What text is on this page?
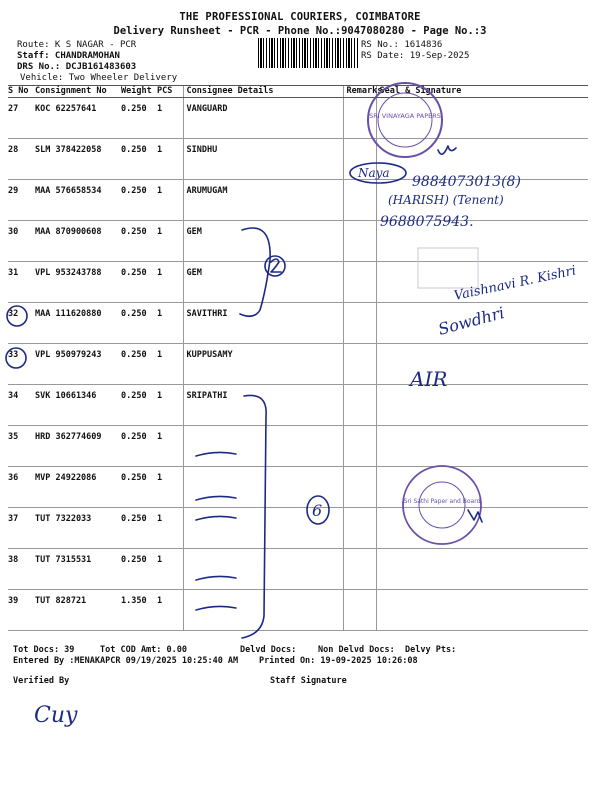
THE PROFESSIONAL COURIERS, COIMBATORE
Delivery Runsheet - PCR - Phone No.:9047080280 - Page No.:3
Route: K S NAGAR - PCR
Staff: CHANDRAMOHAN
DRS No.: DCJB161483603
Vehicle: Two Wheeler Delivery
RS No.: 1614836
RS Date: 19-Sep-2025
S No	Consignment No	Weight	PCS	Consignee Details	Remarks	Seal & Signature
27	KOC 62257641	0.250	1	VANGUARD		
28	SLM 378422058	0.250	1	SINDHU		
29	MAA 576658534	0.250	1	ARUMUGAM		
30	MAA 870900608	0.250	1	GEM		
31	VPL 953243788	0.250	1	GEM		
32	MAA 111620880	0.250	1	SAVITHRI		
33	VPL 950979243	0.250	1	KUPPUSAMY		
34	SVK 10661346	0.250	1	SRIPATHI		
35	HRD 362774609	0.250	1			
36	MVP 24922086	0.250	1			
37	TUT 7322033	0.250	1			
38	TUT 7315531	0.250	1			
39	TUT 828721	1.350	1			
Tot Docs: 39	Tot COD Amt: 0.00	Delvd Docs:	Non Delvd Docs: Delvy Pts:
Entered By :MENAKAPCR 09/19/2025 10:25:40 AM Printed On: 19-09-2025 10:26:08
Verified By	Staff Signature
SRI VINAYAGA PAPERS
Sri Sathi Paper and Board
Naya
9884073013(8)
(HARISH) (Tenent)
9688075943.
Vaishnavi R. Kishri
Sowdhri
AIR
6
Cuy
